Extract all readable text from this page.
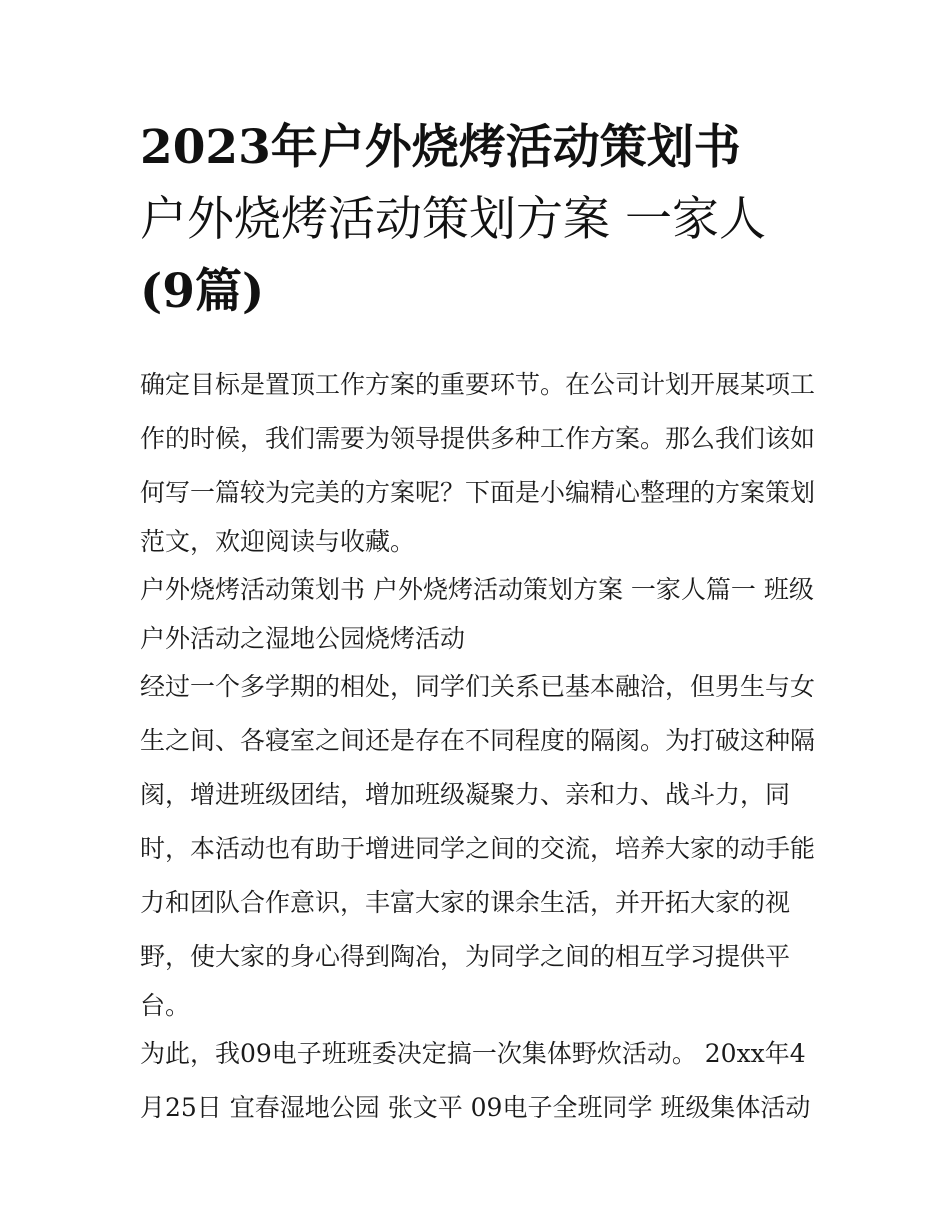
2023年户外烧烤活动策划书
户外烧烤活动策划方案 一家人
(9篇)
确定目标是置顶工作方案的重要环节。在公司计划开展某项工
作的时候，我们需要为领导提供多种工作方案。那么我们该如
何写一篇较为完美的方案呢？下面是小编精心整理的方案策划
范文，欢迎阅读与收藏。
户外烧烤活动策划书 户外烧烤活动策划方案 一家人篇一 班级
户外活动之湿地公园烧烤活动
经过一个多学期的相处，同学们关系已基本融洽，但男生与女
生之间、各寝室之间还是存在不同程度的隔阂。为打破这种隔
阂，增进班级团结，增加班级凝聚力、亲和力、战斗力，同
时，本活动也有助于增进同学之间的交流，培养大家的动手能
力和团队合作意识，丰富大家的课余生活，并开拓大家的视
野，使大家的身心得到陶冶，为同学之间的相互学习提供平
台。
为此，我09电子班班委决定搞一次集体野炊活动。 20xx年4
月25日 宜春湿地公园 张文平 09电子全班同学 班级集体活动
